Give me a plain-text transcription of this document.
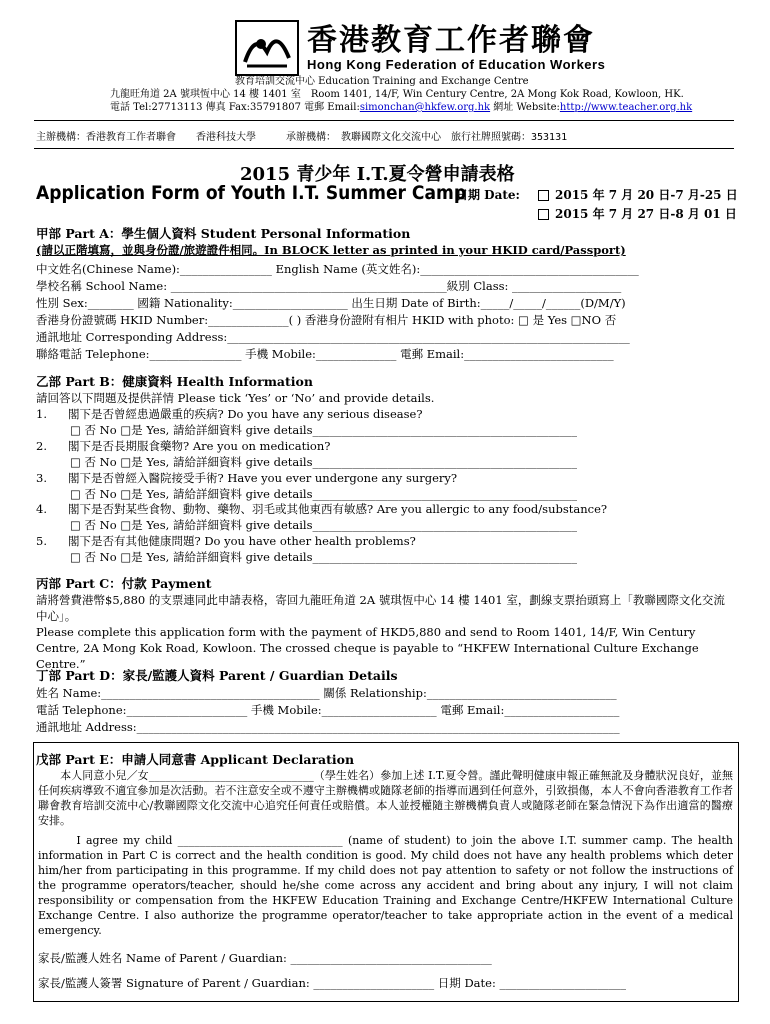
香港教育工作者聯會
Hong Kong Federation of Education Workers
教育培訓交流中心 Education Training and Exchange Centre
九龍旺角道 2A 號琪恆中心 14 樓 1401 室　Room 1401, 14/F, Win Century Centre, 2A Mong Kok Road, Kowloon, HK.
電話 Tel:27713113 傳真 Fax:35791807 電郵 Email:simonchan@hkfew.org.hk 網址 Website:http://www.teacher.org.hk
主辦機構：香港教育工作者聯會　　香港科技大學　　　	承辦機構：　教聯國際文化交流中心　旅行社牌照號碼：353131
2015 青少年 I.T.夏令營申請表格
Application Form of Youth I.T. Summer Camp
日期 Date:	2015 年 7 月 20 日-7 月-25 日
2015 年 7 月 27 日-8 月 01 日
甲部 Part A：學生個人資料 Student Personal Information
(請以正階填寫，並與身份證/旅遊證件相同。In BLOCK letter as printed in your HKID card/Passport)
中文姓名(Chinese Name):________________ English Name (英文姓名):______________________________________
學校名稱 School Name: ________________________________________________級別 Class: ___________________
性別 Sex:________ 國籍 Nationality:____________________ 出生日期 Date of Birth:_____/_____/______(D/M/Y)
香港身份證號碼 HKID Number:______________( ) 香港身份證附有相片 HKID with photo: □ 是 Yes □NO 否
通訊地址 Corresponding Address:______________________________________________________________________
聯絡電話 Telephone:________________ 手機 Mobile:______________ 電郵 Email:__________________________
乙部 Part B：健康資料 Health Information
請回答以下問題及提供詳情 Please tick ‘Yes’ or ‘No’ and provide details.
1. 閣下是否曾經患過嚴重的疾病? Do you have any serious disease?
□ 否 No □是 Yes, 請給詳細資料 give details______________________________________________
2. 閣下是否長期服食藥物? Are you on medication?
□ 否 No □是 Yes, 請給詳細資料 give details______________________________________________
3. 閣下是否曾經入醫院接受手術? Have you ever undergone any surgery?
□ 否 No □是 Yes, 請給詳細資料 give details______________________________________________
4. 閣下是否對某些食物、動物、藥物、羽毛或其他東西有敏感? Are you allergic to any food/substance?
□ 否 No □是 Yes, 請給詳細資料 give details______________________________________________
5. 閣下是否有其他健康問題? Do you have other health problems?
□ 否 No □是 Yes, 請給詳細資料 give details______________________________________________
丙部 Part C：付款 Payment
請將營費港幣$5,880 的支票連同此申請表格，寄回九龍旺角道 2A 號琪恆中心 14 樓 1401 室，劃線支票抬頭寫上「教聯國際文化交流中心」。
Please complete this application form with the payment of HKD5,880 and send to Room 1401, 14/F, Win Century Centre, 2A Mong Kok Road, Kowloon. The crossed cheque is payable to “HKFEW International Culture Exchange Centre.”
丁部 Part D：家長/監護人資料 Parent / Guardian Details
姓名 Name:______________________________________ 關係 Relationship:_________________________________
電話 Telephone:_____________________ 手機 Mobile:____________________ 電郵 Email:____________________
通訊地址 Address:____________________________________________________________________________________
戊部 Part E：申請人同意書 Applicant Declaration
　　本人同意小兒／女______________________________（學生姓名）參加上述 I.T.夏令營。謹此聲明健康申報正確無訛及身體狀況良好，並無任何疾病導致不適宜參加是次活動。若不注意安全或不遵守主辦機構或隨隊老師的指導而遇到任何意外，引致損傷，本人不會向香港教育工作者聯會教育培訓交流中心/教聯國際文化交流中心追究任何責任或賠償。本人並授權隨主辦機構負責人或隨隊老師在緊急情況下為作出適當的醫療安排。
　　　I agree my child ______________________________ (name of student) to join the above I.T. summer camp. The health information in Part C is correct and the health condition is good. My child does not have any health problems which deter him/her from participating in this programme. If my child does not pay attention to safety or not follow the instructions of the programme operators/teacher, should he/she come across any accident and bring about any injury, I will not claim responsibility or compensation from the HKFEW Education Training and Exchange Centre/HKFEW International Culture Exchange Centre. I also authorize the programme operator/teacher to take appropriate action in the event of a medical emergency.
家長/監護人姓名 Name of Parent / Guardian: ___________________________________
家長/監護人簽署 Signature of Parent / Guardian: _____________________ 日期 Date: ______________________
